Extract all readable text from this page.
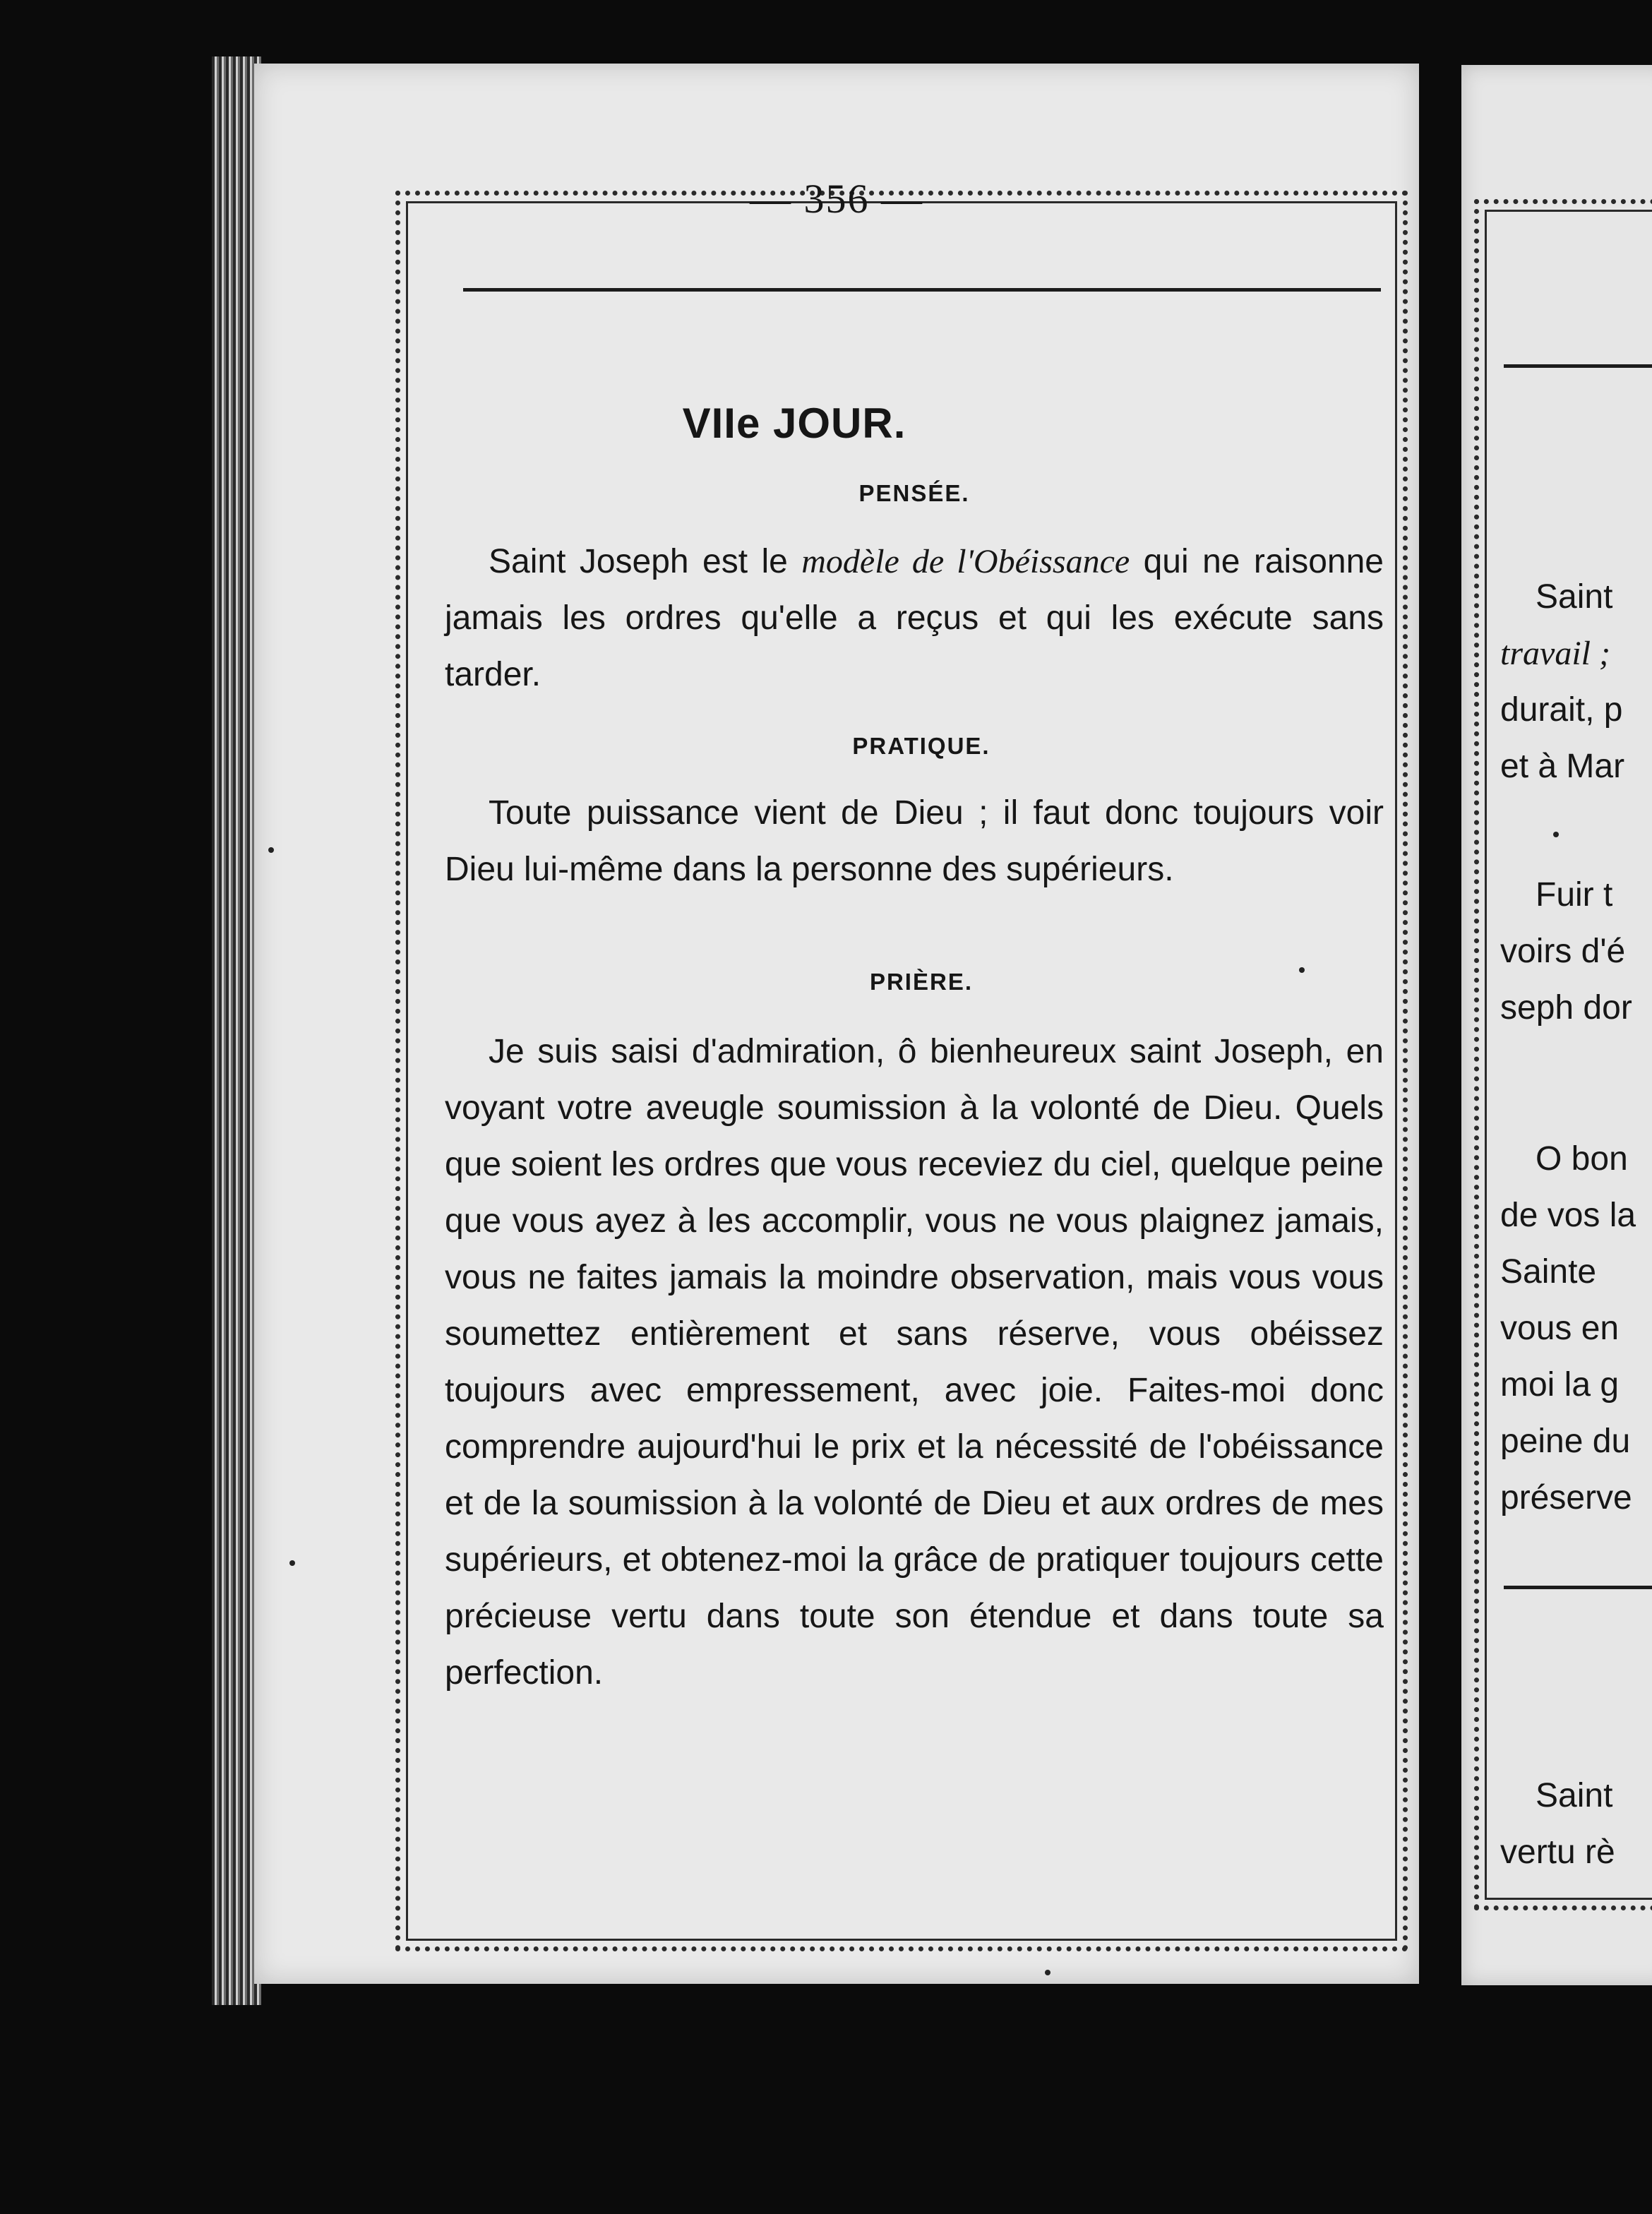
— 356 —
VIIe JOUR.
PENSÉE.
Saint Joseph est le modèle de l'Obéissance qui ne raisonne jamais les ordres qu'elle a reçus et qui les exécute sans tarder.
PRATIQUE.
Toute puissance vient de Dieu ; il faut donc toujours voir Dieu lui-même dans la personne des supérieurs.
PRIÈRE.
Je suis saisi d'admiration, ô bienheureux saint Joseph, en voyant votre aveugle soumission à la volonté de Dieu. Quels que soient les ordres que vous receviez du ciel, quelque peine que vous ayez à les accomplir, vous ne vous plaignez jamais, vous ne faites jamais la moindre observation, mais vous vous soumettez entièrement et sans réserve, vous obéissez toujours avec empressement, avec joie. Faites-moi donc comprendre aujourd'hui le prix et la nécessité de l'obéissance et de la soumission à la volonté de Dieu et aux ordres de mes supérieurs, et obtenez-moi la grâce de pratiquer toujours cette précieuse vertu dans toute son étendue et dans toute sa perfection.
Saint
travail ;
durait, p
et à Mar
Fuir t
voirs d'é
seph dor
O bon
de vos la
Sainte
vous en
moi la g
peine du
préserve
Saint
vertu rè
